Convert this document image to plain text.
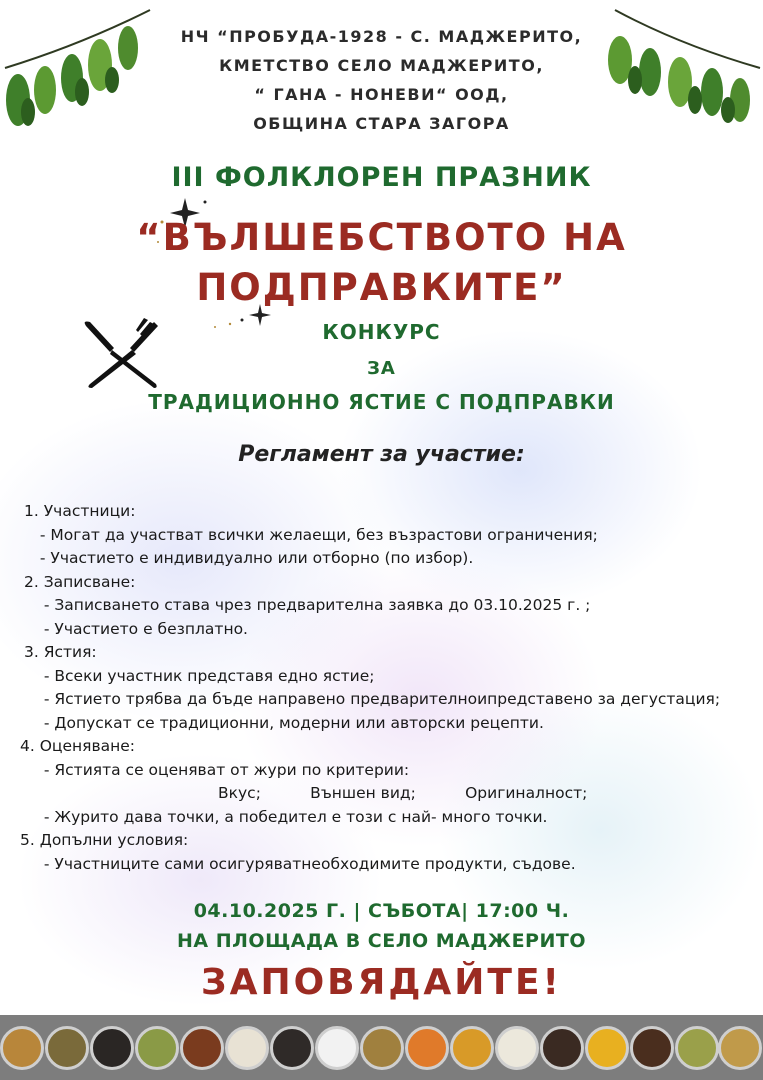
НЧ “ПРОБУДА-1928 - С. МАДЖЕРИТО,
КМЕТСТВО СЕЛО МАДЖЕРИТО,
“ ГАНА - НОНЕВИ“ ООД,
ОБЩИНА СТАРА ЗАГОРА
III ФОЛКЛОРЕН ПРАЗНИК
“ВЪЛШЕБСТВОТО НА
ПОДПРАВКИТЕ”
КОНКУРС
ЗА
ТРАДИЦИОННО ЯСТИЕ С ПОДПРАВКИ
Регламент за участие:
1. Участници:
- Могат да участват всички желаещи, без възрастови ограничения;
- Участието е индивидуално или отборно (по избор).
2. Записване:
- Записването става чрез предварителна заявка до 03.10.2025 г. ;
- Участието е безплатно.
3. Ястия:
- Всеки участник представя едно ястие;
- Ястието трябва да бъде направено предварителноипредставено за дегустация;
- Допускат се традиционни, модерни или авторски рецепти.
4. Оценяване:
- Ястията се оценяват от жури по критерии:
Вкус;          Външен вид;          Оригиналност;
- Журито дава точки, а победител е този с най- много точки.
5. Допълни условия:
- Участниците сами осигуряватнеобходимите продукти, съдове.
04.10.2025 Г. | СЪБОТА| 17:00 Ч.
НА ПЛОЩАДА В СЕЛО МАДЖЕРИТО
ЗАПОВЯДАЙТЕ!
